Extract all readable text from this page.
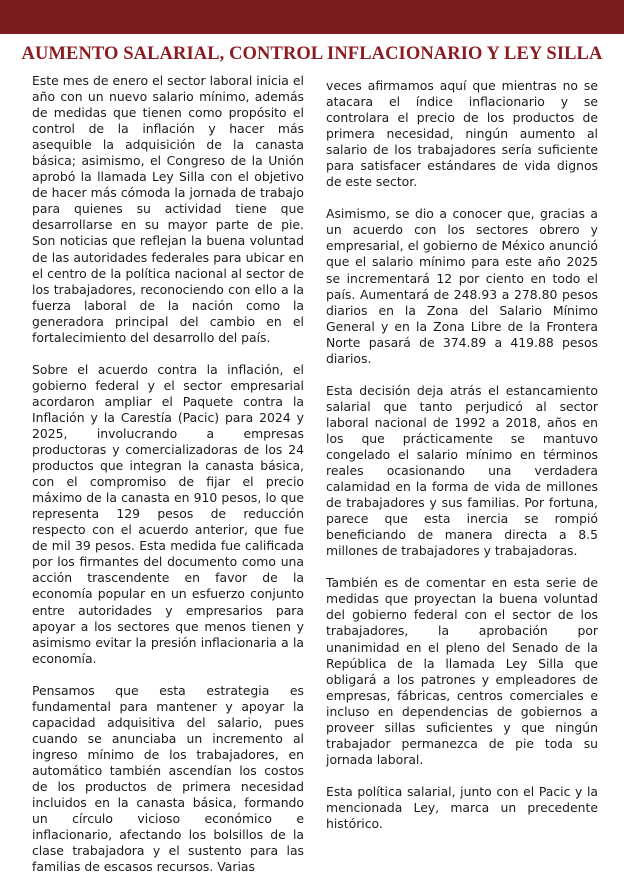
AUMENTO SALARIAL, CONTROL INFLACIONARIO Y LEY SILLA

Este mes de enero el sector laboral inicia el año con un nuevo salario mínimo, además de medidas que tienen como propósito el control de la inflación y hacer más asequible la adquisición de la canasta básica; asimismo, el Congreso de la Unión aprobó la llamada Ley Silla con el objetivo de hacer más cómoda la jornada de trabajo para quienes su actividad tiene que desarrollarse en su mayor parte de pie. Son noticias que reflejan la buena voluntad de las autoridades federales para ubicar en el centro de la política nacional al sector de los trabajadores, reconociendo con ello a la fuerza laboral de la nación como la generadora principal del cambio en el fortalecimiento del desarrollo del país.

Sobre el acuerdo contra la inflación, el gobierno federal y el sector empresarial acordaron ampliar el Paquete contra la Inflación y la Carestía (Pacic) para 2024 y 2025, involucrando a empresas productoras y comercializadoras de los 24 productos que integran la canasta básica, con el compromiso de fijar el precio máximo de la canasta en 910 pesos, lo que representa 129 pesos de reducción respecto con el acuerdo anterior, que fue de mil 39 pesos. Esta medida fue calificada por los firmantes del documento como una acción trascendente en favor de la economía popular en un esfuerzo conjunto entre autoridades y empresarios para apoyar a los sectores que menos tienen y asimismo evitar la presión inflacionaria a la economía.

Pensamos que esta estrategia es fundamental para mantener y apoyar la capacidad adquisitiva del salario, pues cuando se anunciaba un incremento al ingreso mínimo de los trabajadores, en automático también ascendían los costos de los productos de primera necesidad incluidos en la canasta básica, formando un círculo vicioso económico e inflacionario, afectando los bolsillos de la clase trabajadora y el sustento para las familias de escasos recursos. Varias

veces afirmamos aquí que mientras no se atacara el índice inflacionario y se controlara el precio de los productos de primera necesidad, ningún aumento al salario de los trabajadores sería suficiente para satisfacer estándares de vida dignos de este sector.

Asimismo, se dio a conocer que, gracias a un acuerdo con los sectores obrero y empresarial, el gobierno de México anunció que el salario mínimo para este año 2025 se incrementará 12 por ciento en todo el país. Aumentará de 248.93 a 278.80 pesos diarios en la Zona del Salario Mínimo General y en la Zona Libre de la Frontera Norte pasará de 374.89 a 419.88 pesos diarios.

Esta decisión deja atrás el estancamiento salarial que tanto perjudicó al sector laboral nacional de 1992 a 2018, años en los que prácticamente se mantuvo congelado el salario mínimo en términos reales ocasionando una verdadera calamidad en la forma de vida de millones de trabajadores y sus familias. Por fortuna, parece que esta inercia se rompió beneficiando de manera directa a 8.5 millones de trabajadores y trabajadoras.

También es de comentar en esta serie de medidas que proyectan la buena voluntad del gobierno federal con el sector de los trabajadores, la aprobación por unanimidad en el pleno del Senado de la República de la llamada Ley Silla que obligará a los patrones y empleadores de empresas, fábricas, centros comerciales e incluso en dependencias de gobiernos a proveer sillas suficientes y que ningún trabajador permanezca de pie toda su jornada laboral.

Esta política salarial, junto con el Pacic y la mencionada Ley, marca un precedente histórico.
